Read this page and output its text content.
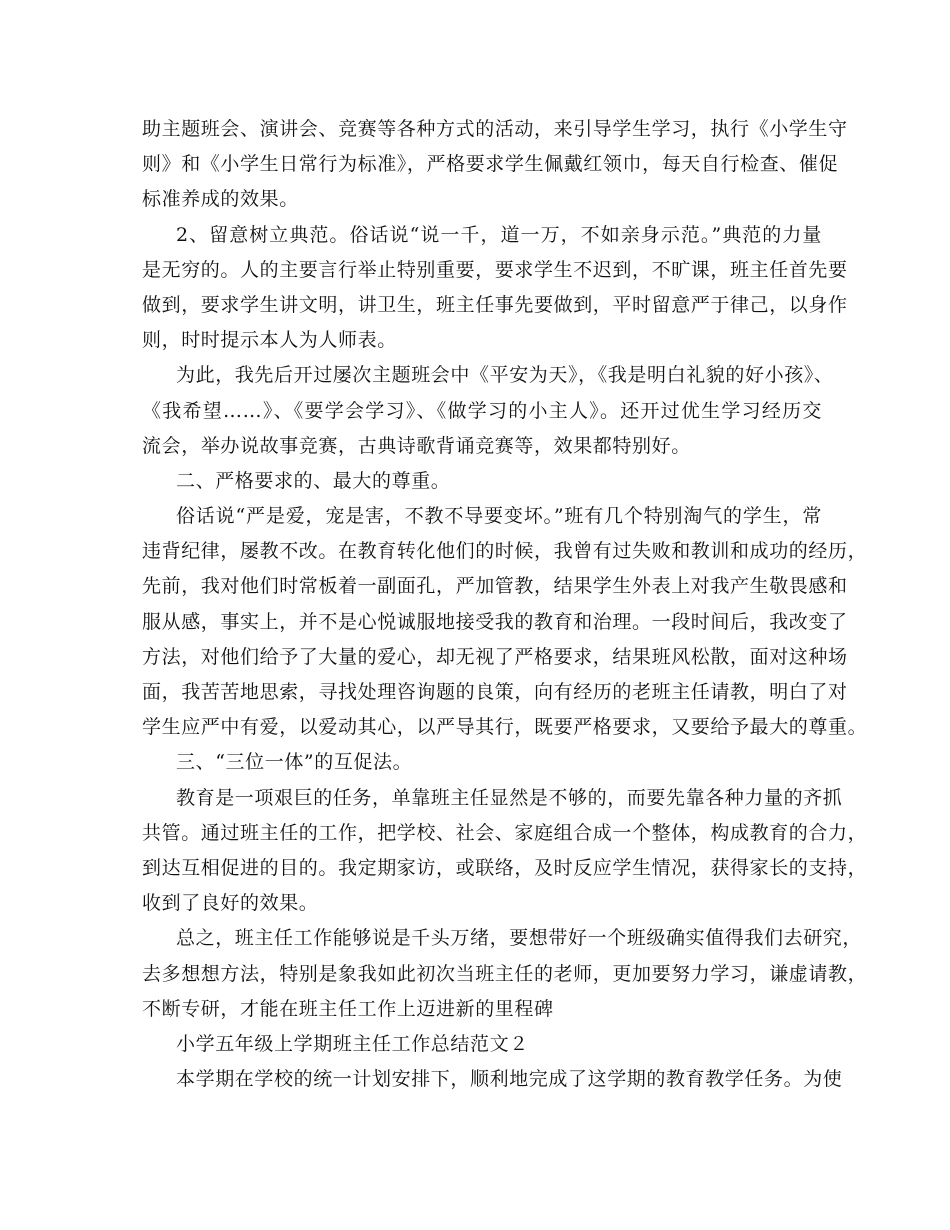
助主题班会、演讲会、竞赛等各种方式的活动，来引导学生学习，执行《小学生守
则》和《小学生日常行为标准》，严格要求学生佩戴红领巾，每天自行检查、催促
标准养成的效果。
2、留意树立典范。俗话说“说一千，道一万，不如亲身示范。”典范的力量
是无穷的。人的主要言行举止特别重要，要求学生不迟到，不旷课，班主任首先要
做到，要求学生讲文明，讲卫生，班主任事先要做到，平时留意严于律己，以身作
则，时时提示本人为人师表。
为此，我先后开过屡次主题班会中《平安为天》，《我是明白礼貌的好小孩》、
《我希望……》、《要学会学习》、《做学习的小主人》。还开过优生学习经历交
流会，举办说故事竞赛，古典诗歌背诵竞赛等，效果都特别好。
二、严格要求的、最大的尊重。
俗话说“严是爱，宠是害，不教不导要变坏。”班有几个特别淘气的学生，常
违背纪律，屡教不改。在教育转化他们的时候，我曾有过失败和教训和成功的经历，
先前，我对他们时常板着一副面孔，严加管教，结果学生外表上对我产生敬畏感和
服从感，事实上，并不是心悦诚服地接受我的教育和治理。一段时间后，我改变了
方法，对他们给予了大量的爱心，却无视了严格要求，结果班风松散，面对这种场
面，我苦苦地思索，寻找处理咨询题的良策，向有经历的老班主任请教，明白了对
学生应严中有爱，以爱动其心，以严导其行，既要严格要求，又要给予最大的尊重。
三、“三位一体”的互促法。
教育是一项艰巨的任务，单靠班主任显然是不够的，而要先靠各种力量的齐抓
共管。通过班主任的工作，把学校、社会、家庭组合成一个整体，构成教育的合力，
到达互相促进的目的。我定期家访，或联络，及时反应学生情况，获得家长的支持，
收到了良好的效果。
总之，班主任工作能够说是千头万绪，要想带好一个班级确实值得我们去研究，
去多想想方法，特别是象我如此初次当班主任的老师，更加要努力学习，谦虚请教，
不断专研，才能在班主任工作上迈进新的里程碑
小学五年级上学期班主任工作总结范文２
本学期在学校的统一计划安排下，顺利地完成了这学期的教育教学任务。为使
